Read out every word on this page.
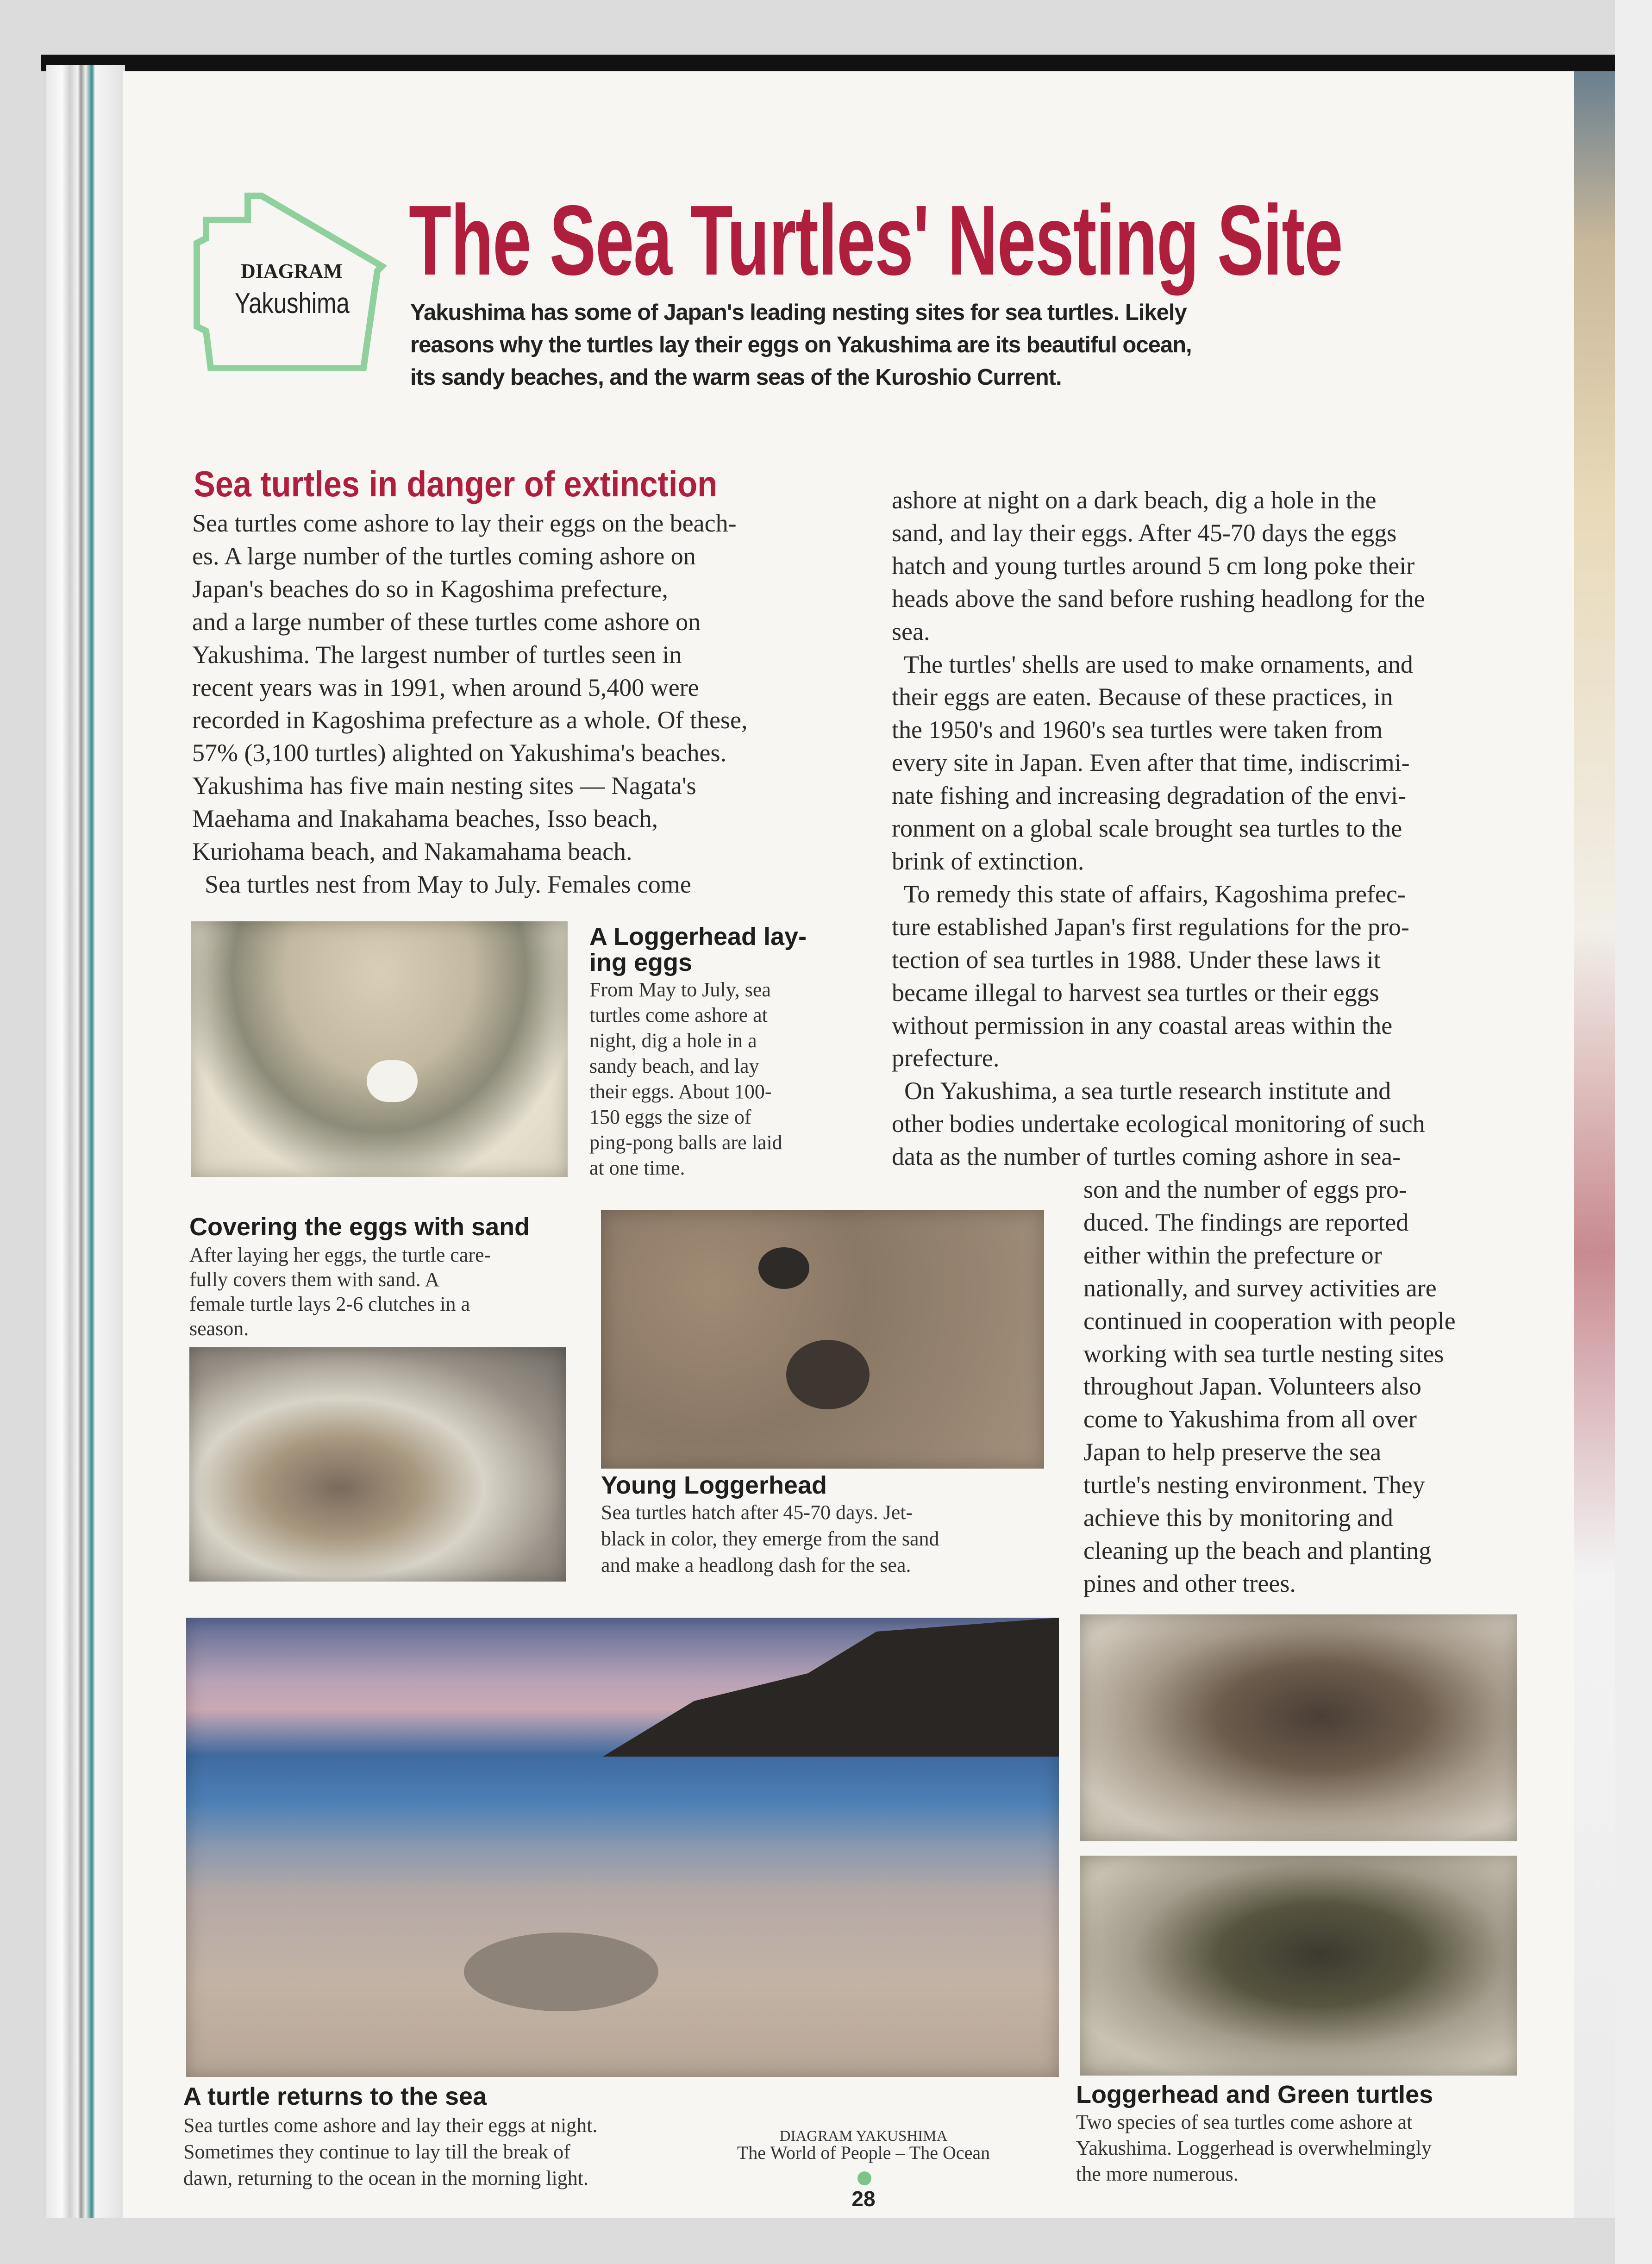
DIAGRAM
Yakushima
The Sea Turtles' Nesting Site
Yakushima has some of Japan's leading nesting sites for sea turtles. Likely
reasons why the turtles lay their eggs on Yakushima are its beautiful ocean,
its sandy beaches, and the warm seas of the Kuroshio Current.
Sea turtles in danger of extinction
Sea turtles come ashore to lay their eggs on the beach-
es. A large number of the turtles coming ashore on
Japan's beaches do so in Kagoshima prefecture,
and a large number of these turtles come ashore on
Yakushima. The largest number of turtles seen in
recent years was in 1991, when around 5,400 were
recorded in Kagoshima prefecture as a whole. Of these,
57% (3,100 turtles) alighted on Yakushima's beaches.
Yakushima has five main nesting sites — Nagata's
Maehama and Inakahama beaches, Isso beach,
Kuriohama beach, and Nakamahama beach.
Sea turtles nest from May to July. Females come
ashore at night on a dark beach, dig a hole in the
sand, and lay their eggs. After 45-70 days the eggs
hatch and young turtles around 5 cm long poke their
heads above the sand before rushing headlong for the
sea.
The turtles' shells are used to make ornaments, and
their eggs are eaten. Because of these practices, in
the 1950's and 1960's sea turtles were taken from
every site in Japan. Even after that time, indiscrimi-
nate fishing and increasing degradation of the envi-
ronment on a global scale brought sea turtles to the
brink of extinction.
To remedy this state of affairs, Kagoshima prefec-
ture established Japan's first regulations for the pro-
tection of sea turtles in 1988. Under these laws it
became illegal to harvest sea turtles or their eggs
without permission in any coastal areas within the
prefecture.
On Yakushima, a sea turtle research institute and
other bodies undertake ecological monitoring of such
data as the number of turtles coming ashore in sea-
son and the number of eggs pro-
duced. The findings are reported
either within the prefecture or
nationally, and survey activities are
continued in cooperation with people
working with sea turtle nesting sites
throughout Japan. Volunteers also
come to Yakushima from all over
Japan to help preserve the sea
turtle's nesting environment. They
achieve this by monitoring and
cleaning up the beach and planting
pines and other trees.
A Loggerhead lay-
ing eggs
From May to July, sea
turtles come ashore at
night, dig a hole in a
sandy beach, and lay
their eggs. About 100-
150 eggs the size of
ping-pong balls are laid
at one time.
Covering the eggs with sand
After laying her eggs, the turtle care-
fully covers them with sand. A
female turtle lays 2-6 clutches in a
season.
Young Loggerhead
Sea turtles hatch after 45-70 days. Jet-
black in color, they emerge from the sand
and make a headlong dash for the sea.
A turtle returns to the sea
Sea turtles come ashore and lay their eggs at night.
Sometimes they continue to lay till the break of
dawn, returning to the ocean in the morning light.
Loggerhead and Green turtles
Two species of sea turtles come ashore at
Yakushima. Loggerhead is overwhelmingly
the more numerous.
DIAGRAM YAKUSHIMA
The World of People – The Ocean
28
